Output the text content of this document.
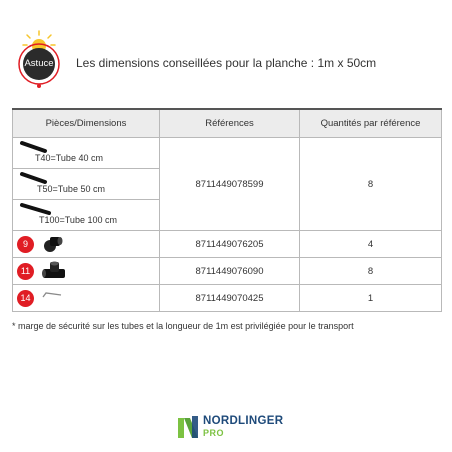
Astuce	Les dimensions conseillées pour la planche : 1m x 50cm
Pièces/Dimensions	Références	Quantités par référence

T40=Tube 40 cm	8711449078599	8

T50=Tube 50 cm		

T100=Tube 100 cm		

9	8711449076205	4

11	8711449076090	8

14	8711449070425	1
* marge de sécurité sur les tubes et la longueur de 1m est privilégiée pour le transport
NORDLINGER
PRO
